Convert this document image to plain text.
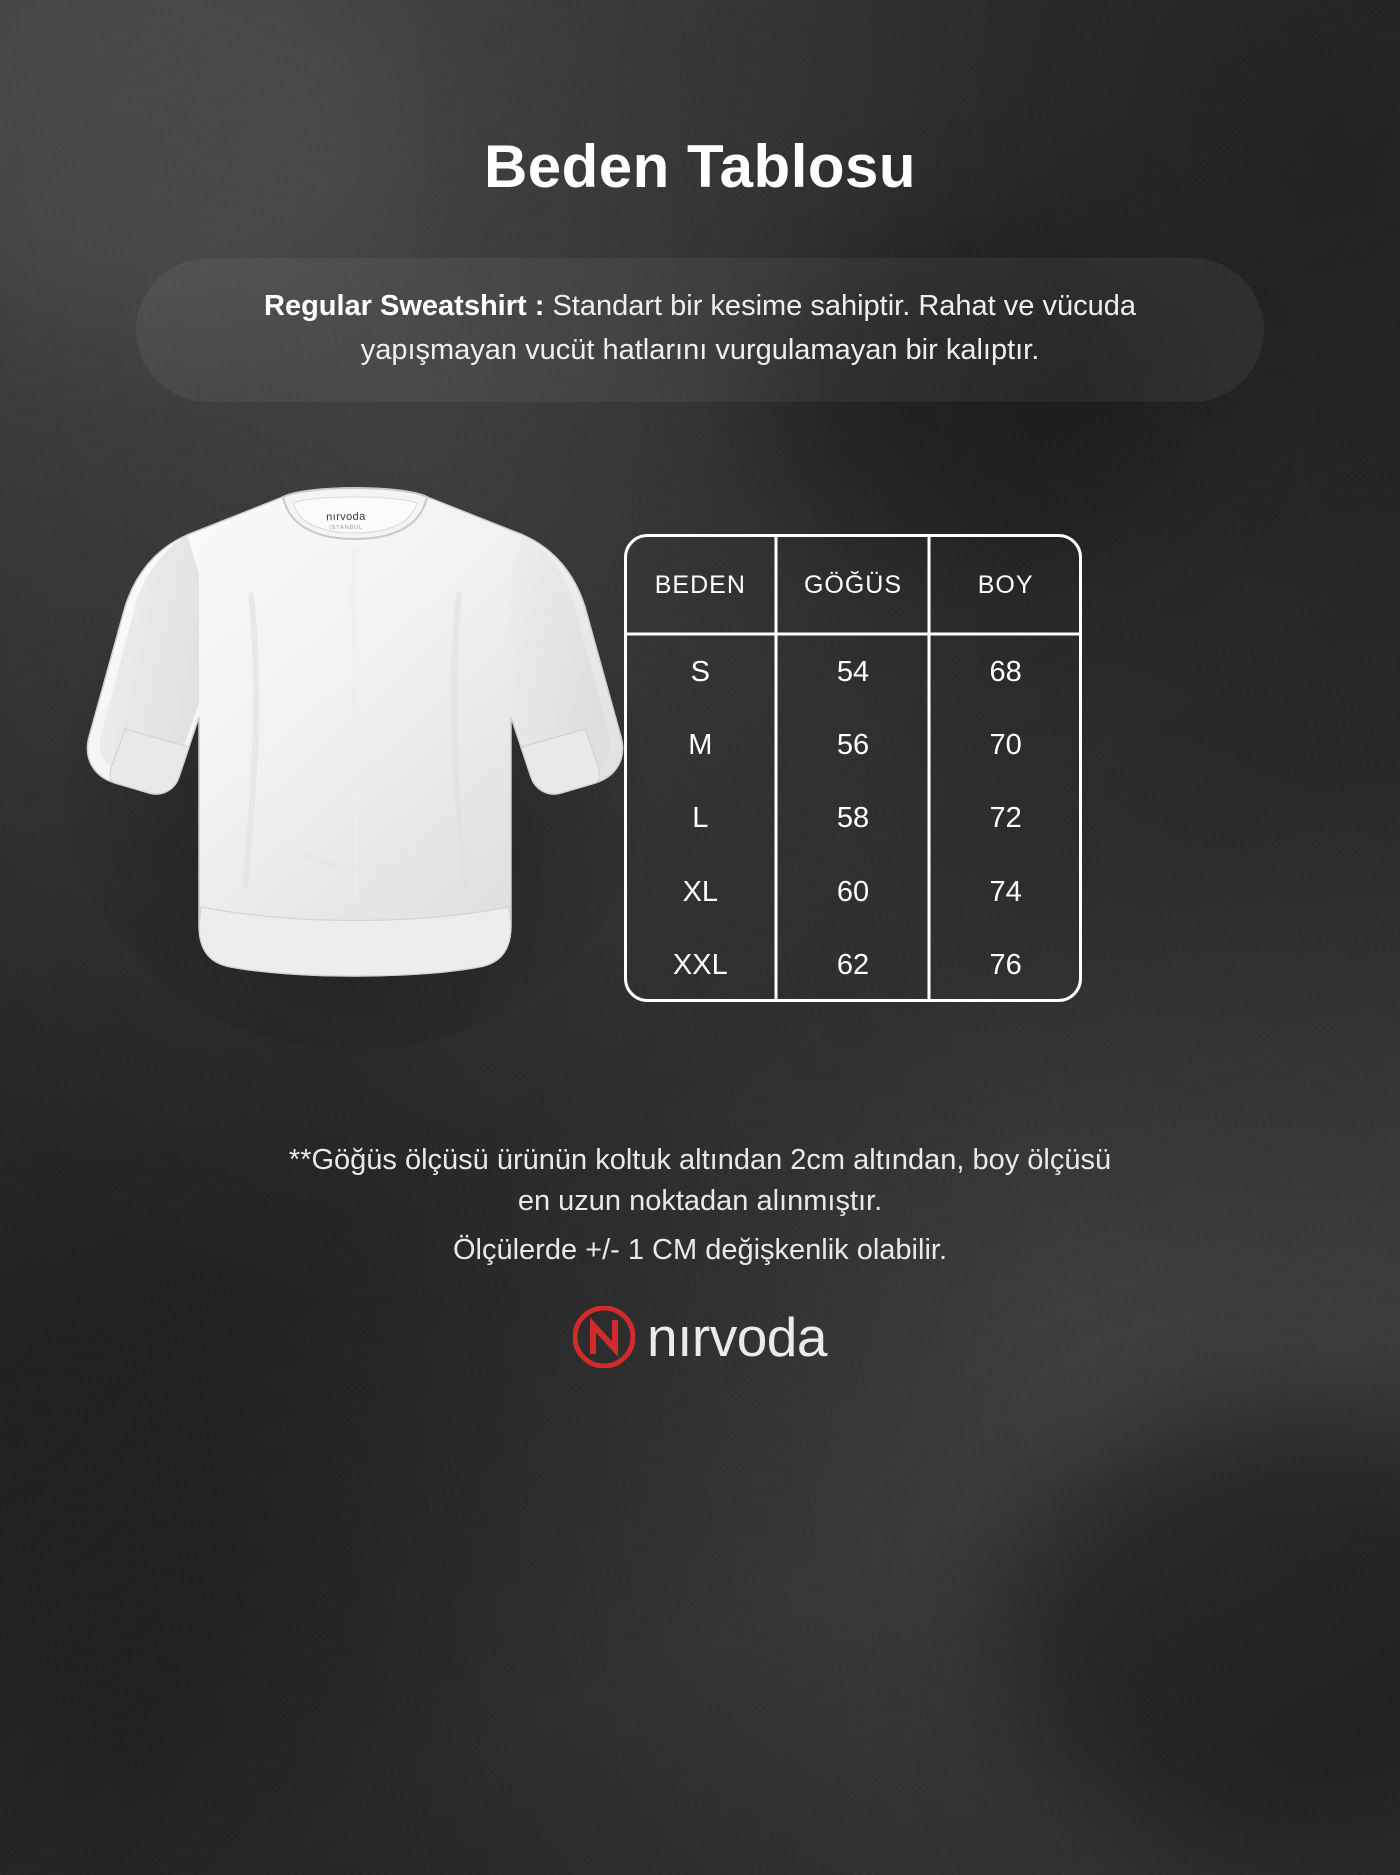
Beden Tablosu
Regular Sweatshirt : Standart bir kesime sahiptir. Rahat ve vücuda yapışmayan vucüt hatlarını vurgulamayan bir kalıptır.
nırvoda
ISTANBUL
BEDEN	GÖĞÜS	BOY
S	54	68
M	56	70
L	58	72
XL	60	74
XXL	62	76
**Göğüs ölçüsü ürünün koltuk altından 2cm altından, boy ölçüsü
en uzun noktadan alınmıştır.
Ölçülerde +/- 1 CM değişkenlik olabilir.
nırvoda
